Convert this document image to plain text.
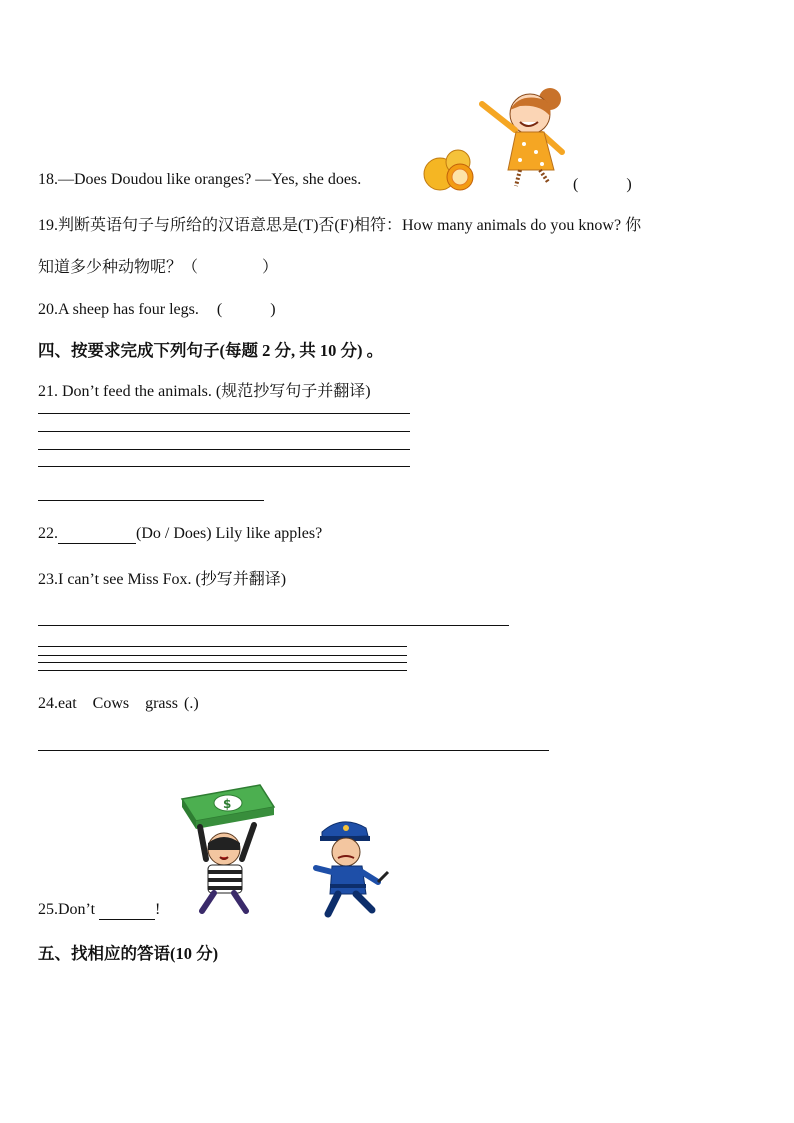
18.—Does Doudou like oranges? —Yes, she does.	(　　　)
19.判断英语句子与所给的汉语意思是(T)否(F)相符：How many animals do you know? 你
知道多少种动物呢？（　　　　）
20.A sheep has four legs. (　　　)
四、按要求完成下列句子(每题 2 分, 共 10 分) 。
21. Don’t feed the animals. (规范抄写句子并翻译)
22.	(Do / Does) Lily like apples?
23.I can’t see Miss Fox. (抄写并翻译)
24.eat　Cows　grass (.)
$
25.Don’t	!
五、找相应的答语(10 分)
